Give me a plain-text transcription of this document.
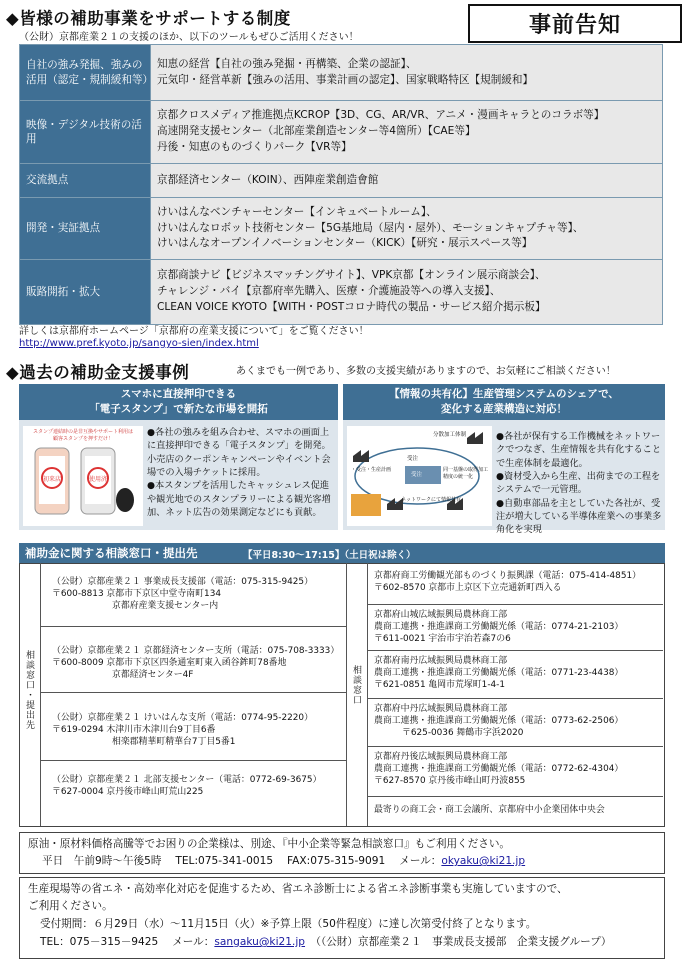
◆皆様の補助事業をサポートする制度	事前告知
（公財）京都産業２１の支援のほか、以下のツールもぜひご活用ください！
自社の強み発掘、強みの活用（認定・規制緩和等）	知恵の経営【自社の強み発掘・再構築、企業の認証】、
元気印・経営革新【強みの活用、事業計画の認定】、国家戦略特区【規制緩和】

映像・デジタル技術の活用	京都クロスメディア推進拠点KCROP【3D、CG、AR/VR、アニメ・漫画キャラとのコラボ等】
高速開発支援センター（北部産業創造センター等4箇所）【CAE等】
丹後・知恵のものづくりパーク【VR等】

交流拠点	京都経済センター（KOIN）、西陣産業創造會館

開発・実証拠点	けいはんなベンチャーセンター【インキュベートルーム】、
けいはんなロボット技術センター【5G基地局（屋内・屋外）、モーションキャプチャ等】、
けいはんなオープンイノベーションセンター（KICK）【研究・展示スペース等】

販路開拓・拡大	京都商談ナビ【ビジネスマッチングサイト】、VPK京都【オンライン展示商談会】、
チャレンジ・バイ【京都府率先購入、医療・介護施設等への導入支援】、
CLEAN VOICE KYOTO【WITH・POSTコロナ時代の製品・サービス紹介掲示板】
詳しくは京都府ホームページ「京都府の産業支援について」をご覧ください！
http://www.pref.kyoto.jp/sangyo-sien/index.html
◆過去の補助金支援事例	あくまでも一例であり、多数の支援実績がありますので、お気軽にご相談ください！
スマホに直接押印できる
「電子スタンプ」で新たな市場を開拓
スタンプ連結時の是非互換やサポート利用は
顧客スタンプを押すだけ！
初来店	使用済
●各社の強みを組み合わせ、スマホの画面上に直接押印できる「電子スタンプ」を開発。小売店のクーポンキャンペーンやイベント会場での入場チケットに採用。
●本スタンプを活用したキャッシュレス促進や観光地でのスタンプラリーによる観光客増加、ネット広告の効果測定などにも貢献。
【情報の共有化】生産管理システムのシェアで、
変化する産業構造に対応！
分散加工体制
受注
・受注・生産計画
受注
同一基盤の取得加工精度の統一化
ネットワークにて情報共有
●各社が保有する工作機械をネットワークでつなぎ、生産情報を共有化することで生産体制を最適化。
●資材受入から生産、出荷までの工程をシステムで一元管理。
●自動車部品を主としていた各社が、受注が増大している半導体産業への事業多角化を実現
補助金に関する相談窓口・提出先	【平日8:30～17:15】（土日祝は除く）
相談窓口・提出先	相談窓口
（公財）京都産業２１ 事業成長支援部（電話：075-315-9425）
〒600-8813 京都市下京区中堂寺南町134
京都府産業支援センター内
（公財）京都産業２１ 京都経済センター支所（電話：075-708-3333）
〒600-8009 京都市下京区四条通室町東入函谷鉾町78番地
京都経済センター4F
（公財）京都産業２１ けいはんな支所（電話：0774-95-2220）
〒619-0294 木津川市木津川台9丁目6番
相楽郡精華町精華台7丁目5番1
（公財）京都産業２１ 北部支援センター（電話：0772-69-3675）
〒627-0004 京丹後市峰山町荒山225
京都府商工労働観光部ものづくり振興課（電話：075-414-4851）
〒602-8570 京都市上京区下立売通新町西入る
京都府山城広域振興局農林商工部
農商工連携・推進課商工労働観光係（電話：0774-21-2103）
〒611-0021 宇治市宇治若森7の6
京都府南丹広域振興局農林商工部
農商工連携・推進課商工労働観光係（電話：0771-23-4438）
〒621-0851 亀岡市荒塚町1-4-1
京都府中丹広域振興局農林商工部
農商工連携・推進課商工労働観光係（電話：0773-62-2506）
〒625-0036 舞鶴市字浜2020
京都府丹後広域振興局農林商工部
農商工連携・推進課商工労働観光係（電話：0772-62-4304）
〒627-8570 京丹後市峰山町丹波855
最寄りの商工会・商工会議所、京都府中小企業団体中央会
原油・原材料価格高騰等でお困りの企業様は、別途、『中小企業等緊急相談窓口』もご利用ください。
平日　午前9時～午後5時　 TEL:075-341-0015　 FAX:075-315-9091　 メール：okyaku@ki21.jp
生産現場等の省エネ・高効率化対応を促進するため、省エネ診断士による省エネ診断事業も実施していますので、
ご利用ください。
受付期間：６月29日（水）～11月15日（火）※予算上限（50件程度）に達し次第受付終了となります。
TEL：075－315－9425　 メール：sangaku@ki21.jp　（（公財）京都産業２１　事業成長支援部　企業支援グループ）
